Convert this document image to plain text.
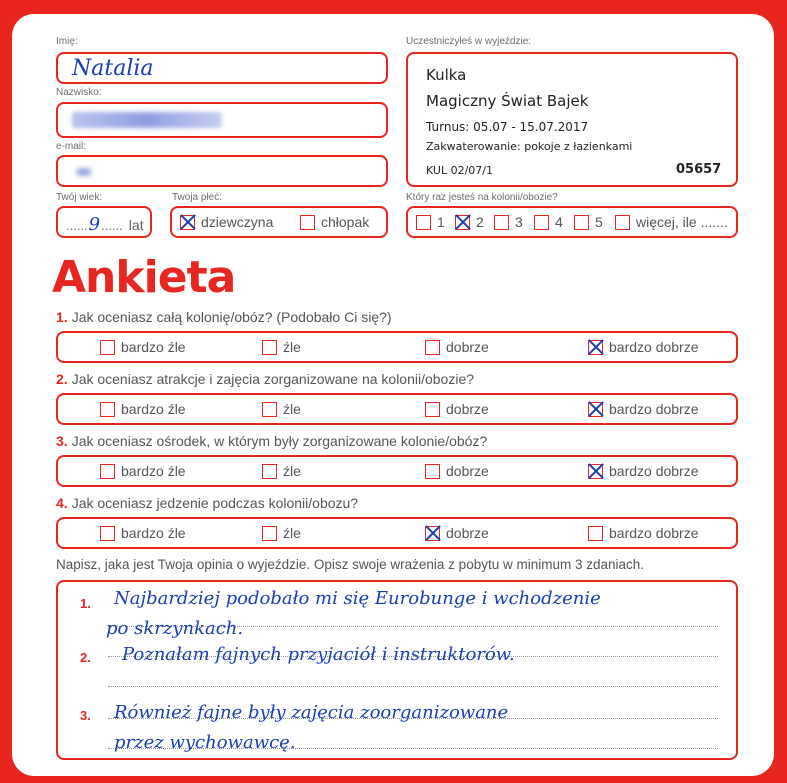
Imię:
Natalia
Nazwisko:
e-mail:
Twój wiek:
...... 9 ...... lat
Twoja płeć:
dziewczyna	chłopak
Uczestniczyłeś w wyjeździe:
Kulka
Magiczny Świat Bajek
Turnus: 05.07 - 15.07.2017
Zakwaterowanie: pokoje z łazienkami
KUL 02/07/1	05657
Który raz jesteś na kolonii/obozie?
1 2 3 4 5 więcej, ile .......
Ankieta
1. Jak oceniasz całą kolonię/obóz? (Podobało Ci się?)
bardzo źle	źle	dobrze	bardzo dobrze
2. Jak oceniasz atrakcje i zajęcia zorganizowane na kolonii/obozie?
bardzo źle	źle	dobrze	bardzo dobrze
3. Jak oceniasz ośrodek, w którym były zorganizowane kolonie/obóz?
bardzo źle	źle	dobrze	bardzo dobrze
4. Jak oceniasz jedzenie podczas kolonii/obozu?
bardzo źle	źle	dobrze	bardzo dobrze
Napisz, jaka jest Twoja opinia o wyjeździe. Opisz swoje wrażenia z pobytu w minimum 3 zdaniach.
1. Najbardziej podobało mi się Eurobunge i wchodzenie
po skrzynkach.
2. Poznałam fajnych przyjaciół i instruktorów.
3. Również fajne były zajęcia zoorganizowane
przez wychowawcę.
